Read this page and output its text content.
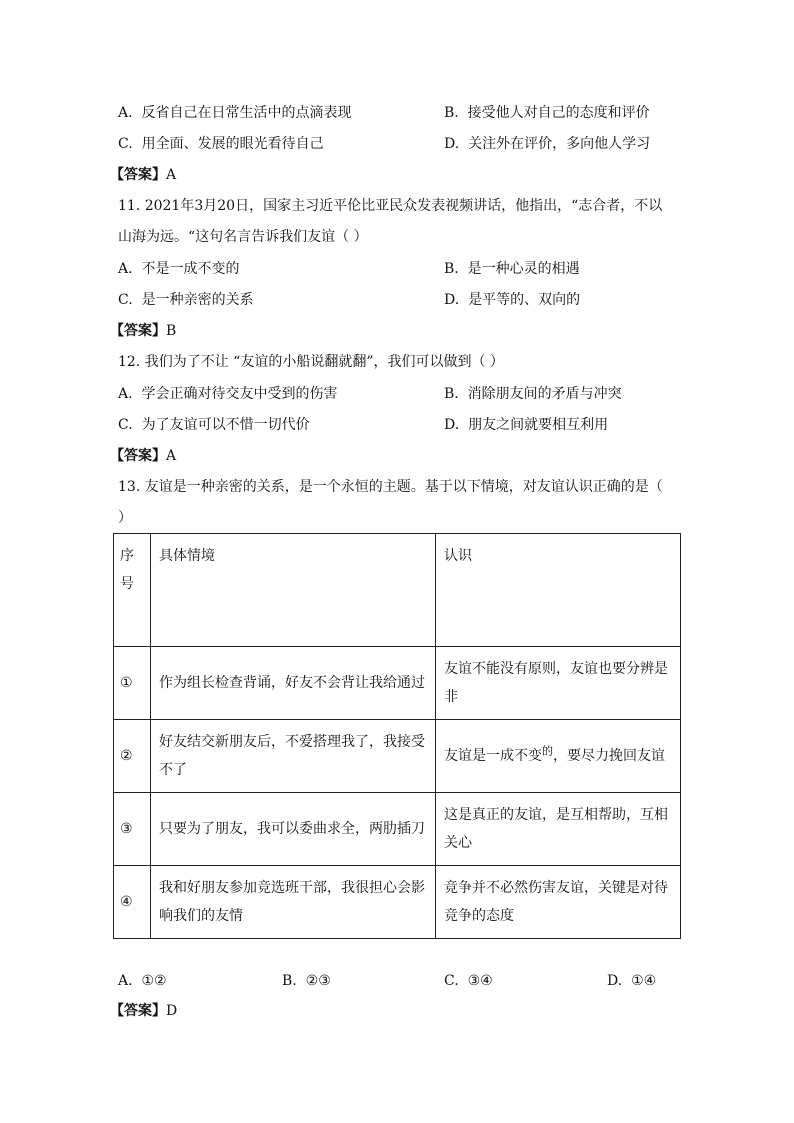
A. 反省自己在日常生活中的点滴表现	B. 接受他人对自己的态度和评价
C. 用全面、发展的眼光看待自己	D. 关注外在评价，多向他人学习
【答案】A
11. 2021年3月20日，国家主习近平伦比亚民众发表视频讲话，他指出，“志合者，不以
山海为远。“这句名言告诉我们友谊（ ）
A. 不是一成不变的	B. 是一种心灵的相遇
C. 是一种亲密的关系	D. 是平等的、双向的
【答案】B
12. 我们为了不让 “友谊的小船说翻就翻”，我们可以做到（ ）
A. 学会正确对待交友中受到的伤害	B. 消除朋友间的矛盾与冲突
C. 为了友谊可以不惜一切代价	D. 朋友之间就要相互利用
【答案】A
13. 友谊是一种亲密的关系，是一个永恒的主题。基于以下情境，对友谊认识正确的是（
）
序号	具体情境	认识
①	作为组长检查背诵，好友不会背让我给通过	友谊不能没有原则，友谊也要分辨是非
②	好友结交新朋友后，不爱搭理我了，我接受不了	友谊是一成不变$^的$，要尽力挽回友谊
③	只要为了朋友，我可以委曲求全，两肋插刀	这是真正的友谊，是互相帮助，互相关心
④	我和好朋友参加竞选班干部，我很担心会影响我们的友情	竞争并不必然伤害友谊，关键是对待竞争的态度
A. ①②	B. ②③	C. ③④	D. ①④
【答案】D
